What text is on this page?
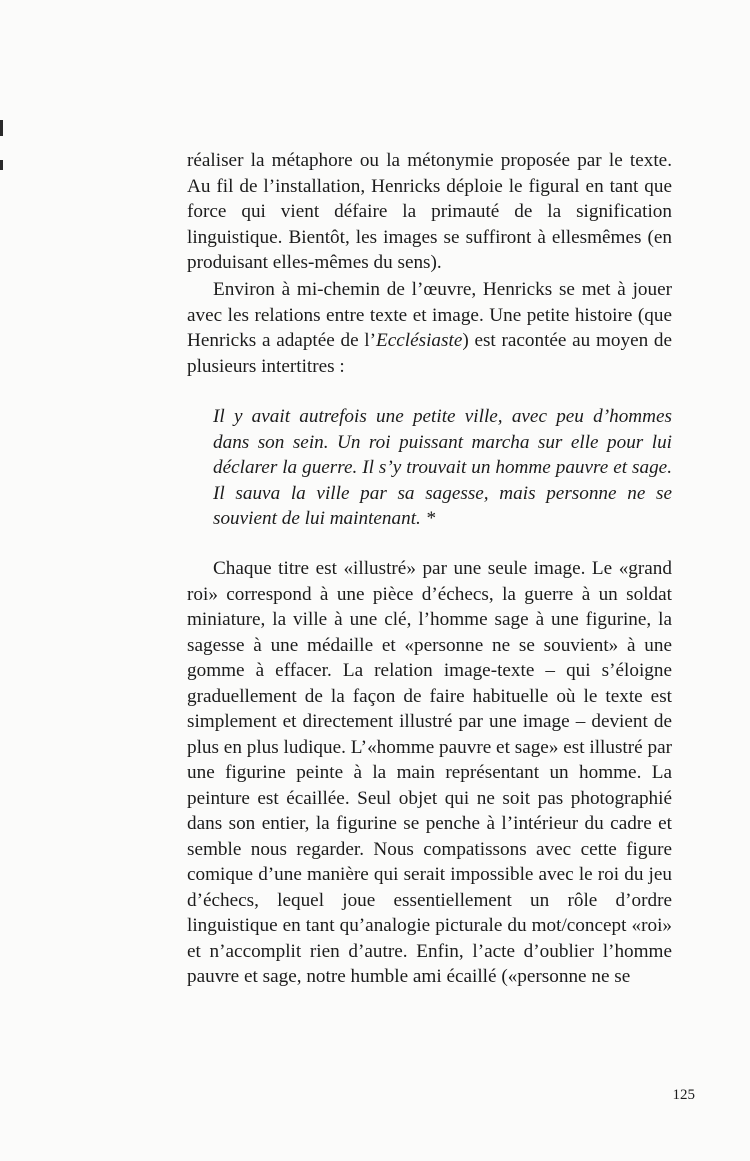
réaliser la métaphore ou la métonymie proposée par le texte. Au fil de l’installation, Henricks déploie le figural en tant que force qui vient défaire la primauté de la signification linguistique. Bientôt, les images se suffiront à ellesmêmes (en produisant elles-mêmes du sens).

Environ à mi-chemin de l’œuvre, Henricks se met à jouer avec les relations entre texte et image. Une petite histoire (que Henricks a adaptée de l’Ecclésiaste) est racontée au moyen de plusieurs intertitres :

Il y avait autrefois une petite ville, avec peu d’hommes dans son sein. Un roi puissant marcha sur elle pour lui déclarer la guerre. Il s’y trouvait un homme pauvre et sage. Il sauva la ville par sa sagesse, mais personne ne se souvient de lui maintenant. *

Chaque titre est «illustré» par une seule image. Le «grand roi» correspond à une pièce d’échecs, la guerre à un soldat miniature, la ville à une clé, l’homme sage à une figurine, la sagesse à une médaille et «personne ne se souvient» à une gomme à effacer. La relation image-texte – qui s’éloigne graduellement de la façon de faire habituelle où le texte est simplement et directement illustré par une image – devient de plus en plus ludique. L’«homme pauvre et sage» est illustré par une figurine peinte à la main représentant un homme. La peinture est écaillée. Seul objet qui ne soit pas photographié dans son entier, la figurine se penche à l’intérieur du cadre et semble nous regarder. Nous compatissons avec cette figure comique d’une manière qui serait impossible avec le roi du jeu d’échecs, lequel joue essentiellement un rôle d’ordre linguistique en tant qu’analogie picturale du mot/concept «roi» et n’accomplit rien d’autre. Enfin, l’acte d’oublier l’homme pauvre et sage, notre humble ami écaillé («personne ne se

125
